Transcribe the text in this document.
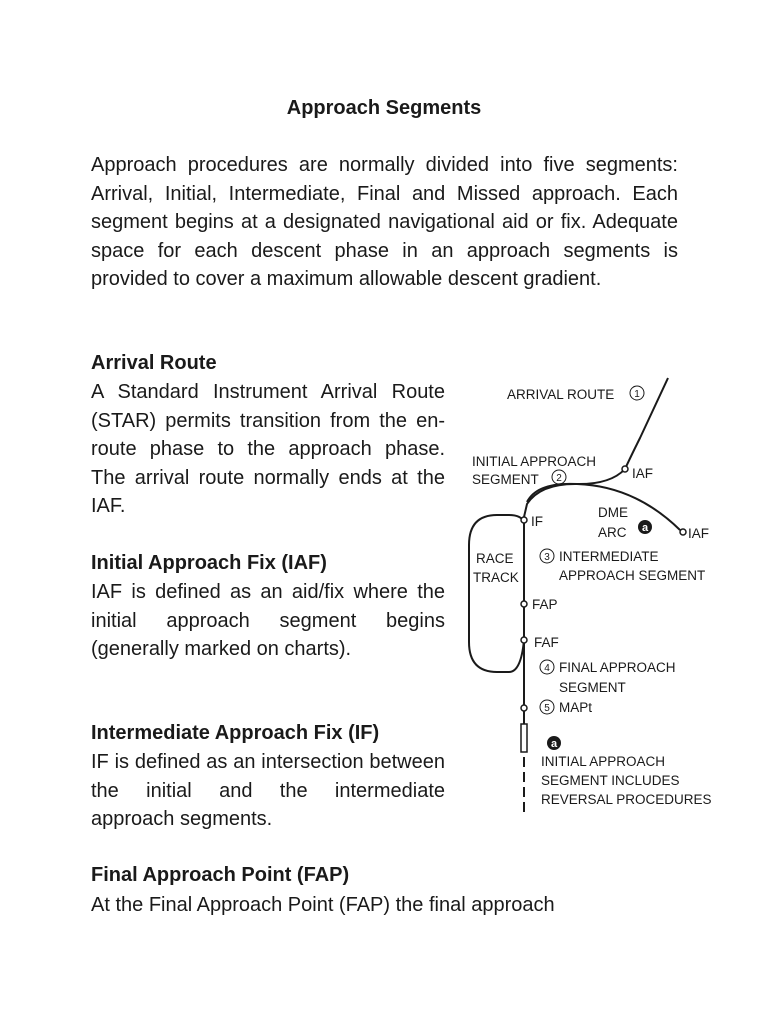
Approach Segments

Approach procedures are normally divided into five segments: Arrival, Initial, Intermediate, Final and Missed approach. Each segment begins at a designated navigational aid or fix. Adequate space for each descent phase in an approach segments is provided to cover a maximum allowable descent gradient.

Arrival Route

A Standard Instrument Arrival Route (STAR) permits transition from the en-route phase to the approach phase. The arrival route normally ends at the IAF.

Initial Approach Fix (IAF)

IAF is defined as an aid/fix where the initial approach segment begins (generally marked on charts).

Intermediate Approach Fix (IF)

IF is defined as an intersection between the initial and the intermediate approach segments.

Final Approach Point (FAP)

At the Final Approach Point (FAP) the final approach

1
2
3
4
5
a
a
ARRIVAL ROUTE
INITIAL APPROACH
SEGMENT	IAF
IF
DME
ARC	IAF
RACE
TRACK
INTERMEDIATE
APPROACH SEGMENT
FAP
FAF
FINAL APPROACH
SEGMENT
MAPt
INITIAL APPROACH
SEGMENT INCLUDES
REVERSAL PROCEDURES
